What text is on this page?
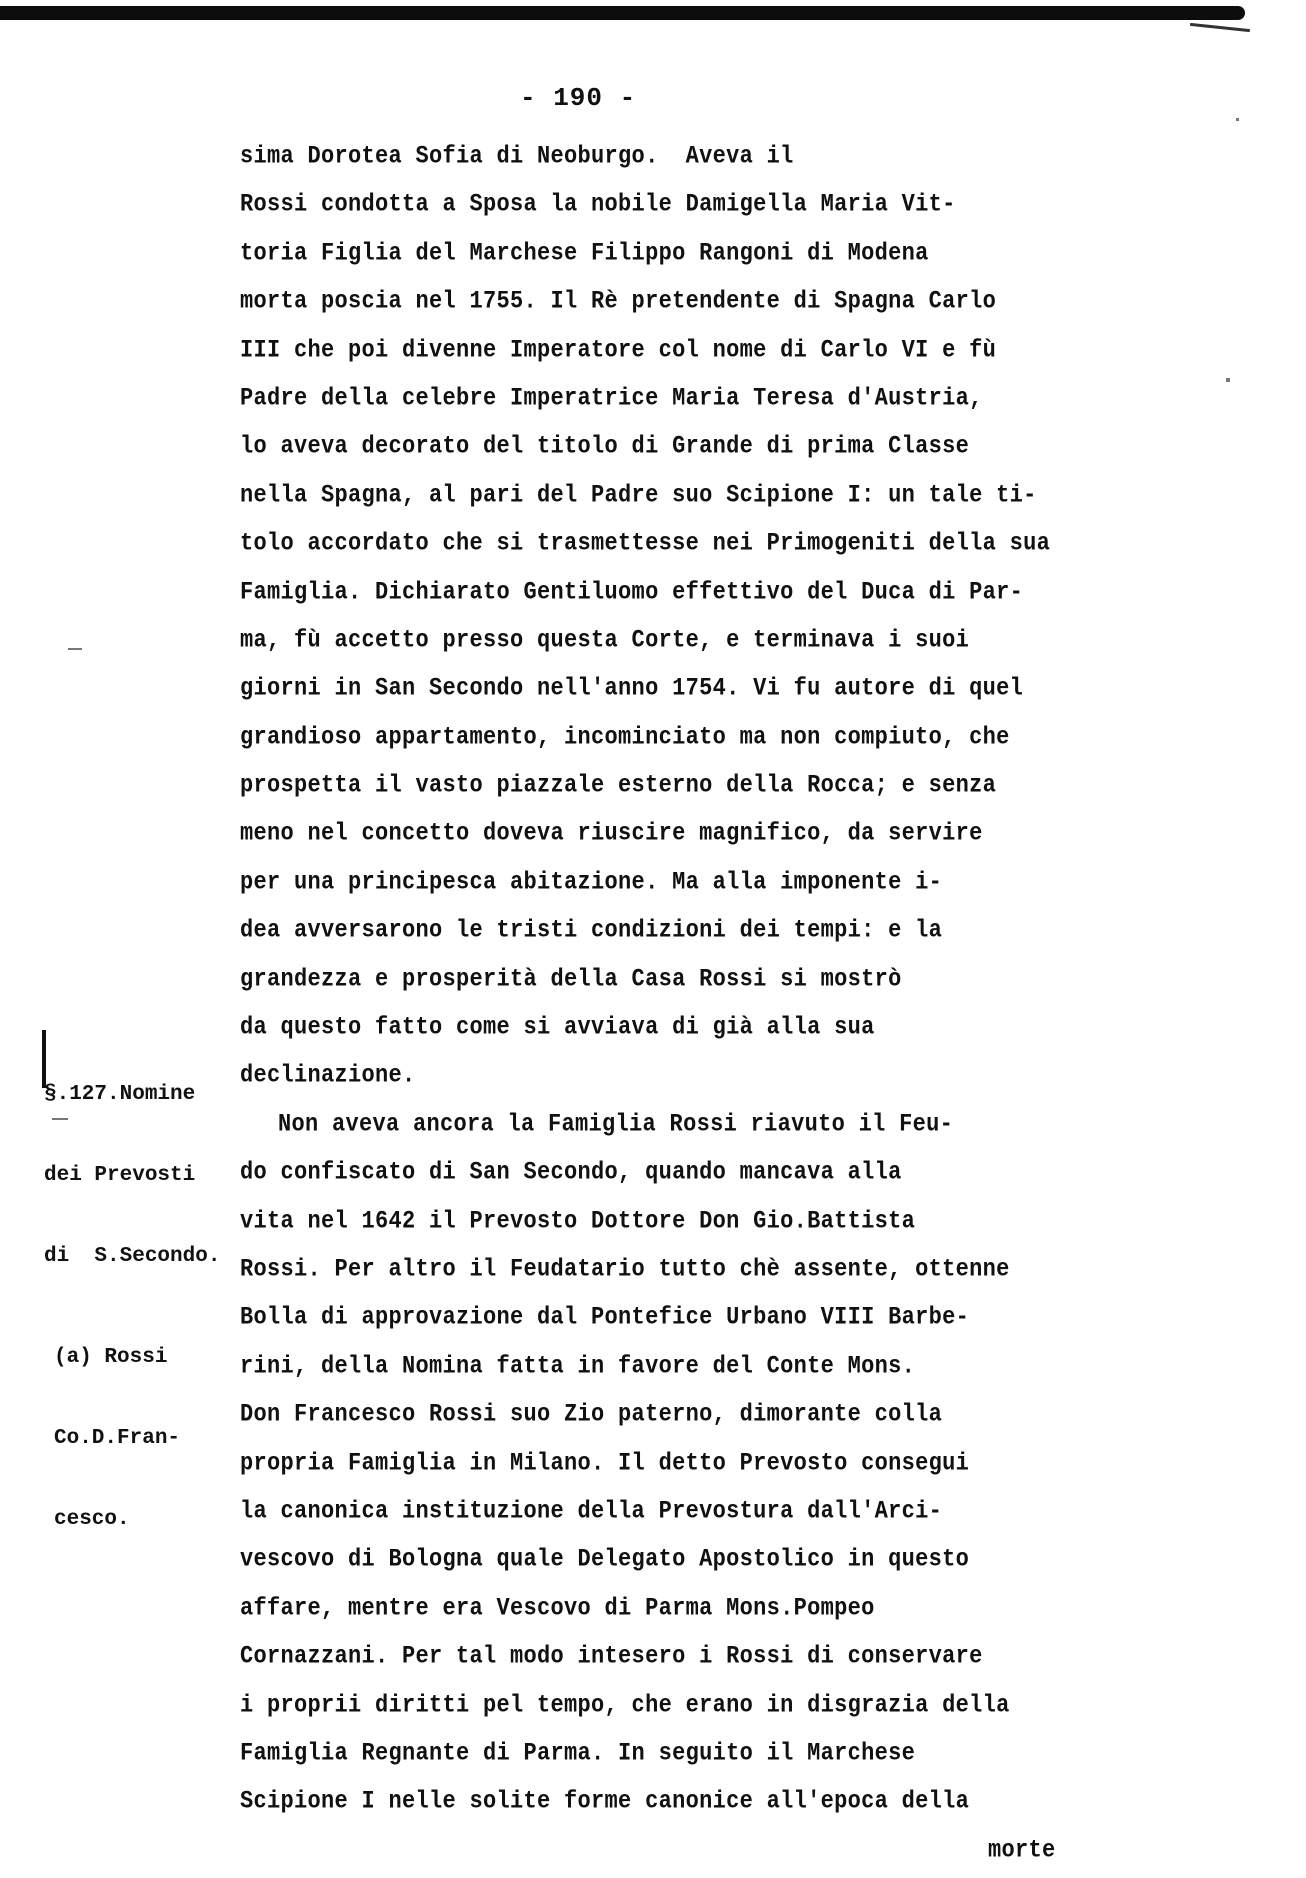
- 190 -
sima Dorotea Sofia di Neoburgo.  Aveva il
Rossi condotta a Sposa la nobile Damigella Maria Vit-
toria Figlia del Marchese Filippo Rangoni di Modena
morta poscia nel 1755. Il Rè pretendente di Spagna Carlo
III che poi divenne Imperatore col nome di Carlo VI e fù
Padre della celebre Imperatrice Maria Teresa d'Austria,
lo aveva decorato del titolo di Grande di prima Classe
nella Spagna, al pari del Padre suo Scipione I: un tale ti-
tolo accordato che si trasmettesse nei Primogeniti della sua
Famiglia. Dichiarato Gentiluomo effettivo del Duca di Par-
ma, fù accetto presso questa Corte, e terminava i suoi
giorni in San Secondo nell'anno 1754. Vi fu autore di quel
grandioso appartamento, incominciato ma non compiuto, che
prospetta il vasto piazzale esterno della Rocca; e senza
meno nel concetto doveva riuscire magnifico, da servire
per una principesca abitazione. Ma alla imponente i-
dea avversarono le tristi condizioni dei tempi: e la
grandezza e prosperità della Casa Rossi si mostrò
da questo fatto come si avviava di già alla sua
declinazione.
Non aveva ancora la Famiglia Rossi riavuto il Feu-
do confiscato di San Secondo, quando mancava alla
vita nel 1642 il Prevosto Dottore Don Gio.Battista
Rossi. Per altro il Feudatario tutto chè assente, ottenne
Bolla di approvazione dal Pontefice Urbano VIII Barbe-
rini, della Nomina fatta in favore del Conte Mons.
Don Francesco Rossi suo Zio paterno, dimorante colla
propria Famiglia in Milano. Il detto Prevosto consegui
la canonica instituzione della Prevostura dall'Arci-
vescovo di Bologna quale Delegato Apostolico in questo
affare, mentre era Vescovo di Parma Mons.Pompeo
Cornazzani. Per tal modo intesero i Rossi di conservare
i proprii diritti pel tempo, che erano in disgrazia della
Famiglia Regnante di Parma. In seguito il Marchese
Scipione I nelle solite forme canonice all'epoca della
morte

§.127.Nomine

dei Prevosti

di  S.Secondo.

(a) Rossi

Co.D.Fran-

cesco.
